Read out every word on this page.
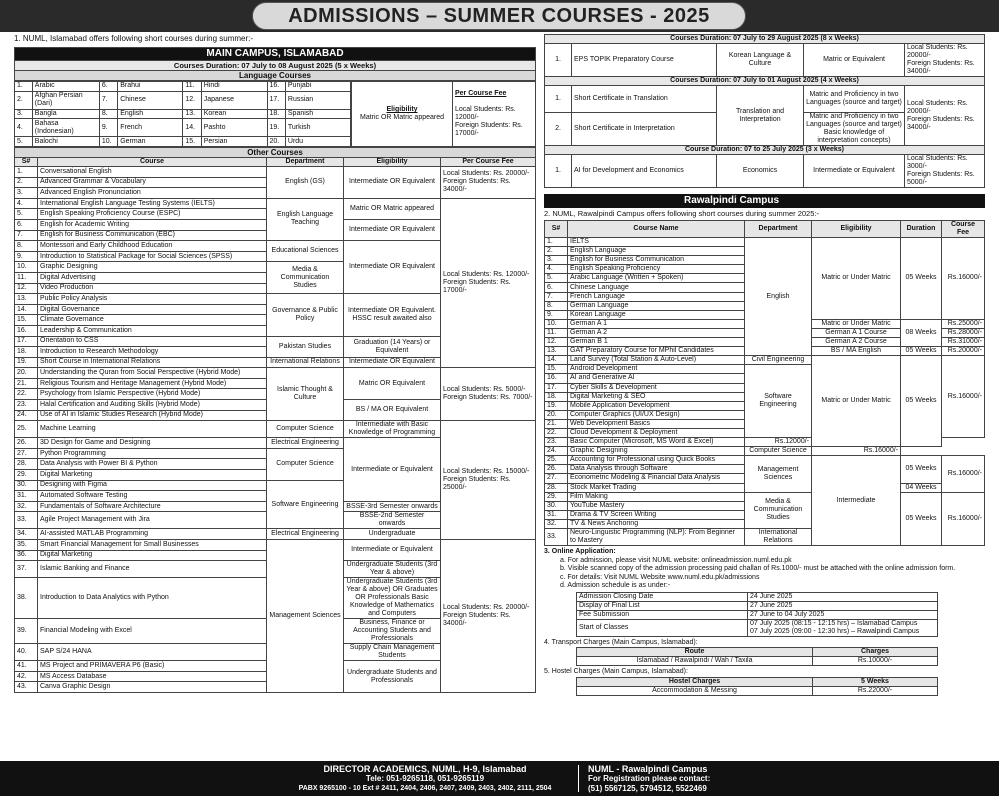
ADMISSIONS – SUMMER COURSES - 2025
1. NUML, Islamabad offers following short courses during summer:-
MAIN CAMPUS, ISLAMABAD
Courses Duration: 07 July to 08 August 2025 (5 x Weeks)
Language Courses
1.	Arabic	6.	Brahui	11.	Hindi	16.	Punjabi
2.	Afghan Persian (Dari)	7.	Chinese	12.	Japanese	17.	Russian
3.	Bangla	8.	English	13.	Korean	18.	Spanish
4.	Bahasa (Indonesian)	9.	French	14.	Pashto	19.	Turkish
5.	Balochi	10.	German	15.	Persian	20.	Urdu
Eligibility
Matric OR Matric appeared

Per Course Fee

Local Students: Rs. 12000/-
Foreign Students: Rs. 17000/-

Other Courses				
S#	Course	Department	Eligibility	Per Course Fee
1.	Conversational English	English (GS)	Intermediate OR Equivalent	Local Students: Rs. 20000/-
Foreign Students: Rs. 34000/-
2.	Advanced Grammar & Vocabulary			
3.	Advanced English Pronunciation			
4.	International English Language Testing Systems (IELTS)	English Language Teaching	Matric OR Matric appeared	Local Students: Rs. 12000/-
Foreign Students: Rs. 17000/-
5.	English Speaking Proficiency Course (ESPC)			
6.	English for Academic Writing		Intermediate OR Equivalent	
7.	English for Business Communication (EBC)			
8.	Montessori and Early Childhood Education	Educational Sciences	Intermediate OR Equivalent	
9.	Introduction to Statistical Package for Social Sciences (SPSS)			
10.	Graphic Designing	Media & Communication Studies		
11.	Digital Advertising			
12.	Video Production			
13.	Public Policy Analysis	Governance & Public Policy	Intermediate OR Equivalent. HSSC result awaited also	
14.	Digital Governance			
15.	Climate Governance			
16.	Leadership & Communication			
17.	Orientation to CSS	Pakistan Studies	Graduation (14 Years) or Equivalent	
18.	Introduction to Research Methodology			
19.	Short Course in International Relations	International Relations	Intermediate OR Equivalent	
20.	Understanding the Quran from Social Perspective (Hybrid Mode)	Islamic Thought & Culture	Matric OR Equivalent	Local Students: Rs. 5000/-
Foreign Students: Rs. 7000/-
21.	Religious Tourism and Heritage Management (Hybrid Mode)			
22.	Psychology from Islamic Perspective (Hybrid Mode)			
23.	Halal Certification and Auditing Skills (Hybrid Mode)		BS / MA OR Equivalent	
24.	Use of AI in Islamic Studies Research (Hybrid Mode)			
25.	Machine Learning	Computer Science	Intermediate with Basic Knowledge of Programming	Local Students: Rs. 15000/-
Foreign Students: Rs. 25000/-
26.	3D Design for Game and Designing	Electrical Engineering	Intermediate or Equivalent	
27.	Python Programming	Computer Science		
28.	Data Analysis with Power BI & Python			
29.	Digital Marketing			
30.	Designing with Figma	Software Engineering		
31.	Automated Software Testing			
32.	Fundamentals of Software Architecture		BSSE-3rd Semester onwards	
33.	Agile Project Management with Jira		BSSE-2nd Semester onwards	
34.	AI-assisted MATLAB Programming	Electrical Engineering	Undergraduate	
35.	Smart Financial Management for Small Businesses	Management Sciences	Intermediate or Equivalent	Local Students: Rs. 20000/-
Foreign Students: Rs. 34000/-
36.	Digital Marketing			
37.	Islamic Banking and Finance		Undergraduate Students (3rd Year & above)	
38.	Introduction to Data Analytics with Python		Undergraduate Students (3rd Year & above) OR Graduates OR Professionals Basic Knowledge of Mathematics and Computers	
39.	Financial Modeling with Excel		Business, Finance or Accounting Students and Professionals	
40.	SAP S/24 HANA		Supply Chain Management Students	
41.	MS Project and PRIMAVERA P6 (Basic)		Undergraduate Students and Professionals	
42.	MS Access Database			
43.	Canva Graphic Design			
Courses Duration: 07 July to 29 August 2025 (8 x Weeks)				
1.	EPS TOPIK Preparatory Course	Korean Language & Culture	Matric or Equivalent	Local Students: Rs. 20000/-
Foreign Students: Rs. 34000/-
Courses Duration: 07 July to 01 August 2025 (4 x Weeks)				
1.	Short Certificate in Translation	Translation and Interpretation	Matric and Proficiency in two Languages (source and target)	Local Students: Rs. 20000/-
Foreign Students: Rs. 34000/-
2.	Short Certificate in Interpretation		Matric and Proficiency in two Languages (source and target) Basic knowledge of interpretation concepts)	
Course Duration: 07 to 25 July 2025 (3 x Weeks)				
1.	AI for Development and Economics	Economics	Intermediate or Equivalent	Local Students: Rs. 3000/-
Foreign Students: Rs. 5000/-
Rawalpindi Campus
2. NUML, Rawalpindi Campus offers following short courses during summer 2025:-
S#	Course Name	Department	Eligibility	Duration	Course Fee
1.	IELTS	English	Matric or Under Matric	05 Weeks	Rs.16000/-
2.	English Language				
3.	English for Business Communication				
4.	English Speaking Proficiency				
5.	Arabic Language (Written + Spoken)				
6.	Chinese Language				
7.	French Language				
8.	German Language				
9.	Korean Language				
10.	German A 1		Matric or Under Matric	08 Weeks	Rs.25000/-
11.	German A 2		German A 1 Course		Rs.28000/-
12.	German B 1		German A 2 Course		Rs.31000/-
13.	GAT Preparatory Course for MPhil Candidates		BS / MA English	05 Weeks	Rs.20000/-
14.	Land Survey (Total Station & Auto-Level)	Civil Engineering	Matric or Under Matric	05 Weeks	Rs.16000/-
15.	Android Development	Software Engineering			
16.	AI and Generative AI				
17.	Cyber Skills & Development				
18.	Digital Marketing & SEO				
19.	Mobile Application Development				
20.	Computer Graphics (UI/UX Design)				
21.	Web Development Basics				
22.	Cloud Development & Deployment				
23.	Basic Computer (Microsoft, MS Word & Excel)	Rs.12000/-			
24.	Graphic Designing	Computer Science	Rs.16000/-		
25.	Accounting for Professional using Quick Books	Management Sciences	Intermediate	05 Weeks	Rs.16000/-
26.	Data Analysis through Software				
27.	Econometric Modeling & Financial Data Analysis				
28.	Stock Market Trading			04 Weeks	
29.	Film Making	Media & Communication Studies		05 Weeks	Rs.16000/-
30.	YouTube Mastery				
31.	Drama & TV Screen Writing				
32.	TV & News Anchoring				
33.	Neuro-Linguistic Programming (NLP): From Beginner to Mastery	International Relations			
3. Online Application:
a. For admission, please visit NUML website: onlineadmission.numl.edu.pk
b. Visible scanned copy of the admission processing paid challan of Rs.1000/- must be attached with the online admission form.
c. For details: Visit NUML Website www.numl.edu.pk/admissions
d. Admission schedule is as under:-
Admission Closing Date	24 June 2025
Display of Final List	27 June 2025
Fee Submission	27 June to 04 July 2025
Start of Classes	07 July 2025 (08:15 - 12:15 hrs) – Islamabad Campus
07 July 2025 (09:00 - 12:30 hrs) – Rawalpindi Campus
4. Transport Charges (Main Campus, Islamabad):
Route	Charges
Islamabad / Rawalpindi / Wah / Taxila	Rs.10000/-
5. Hostel Charges (Main Campus, Islamabad):
Hostel Charges	5 Weeks
Accommodation & Messing	Rs.22000/-
DIRECTOR ACADEMICS, NUML, H-9, Islamabad
Tele: 051-9265118, 051-9265119
PABX 9265100 - 10 Ext # 2411, 2404, 2406, 2407, 2409, 2403, 2402, 2111, 2504
NUML - Rawalpindi Campus
For Registration please contact:
(51) 5567125, 5794512, 5522469
